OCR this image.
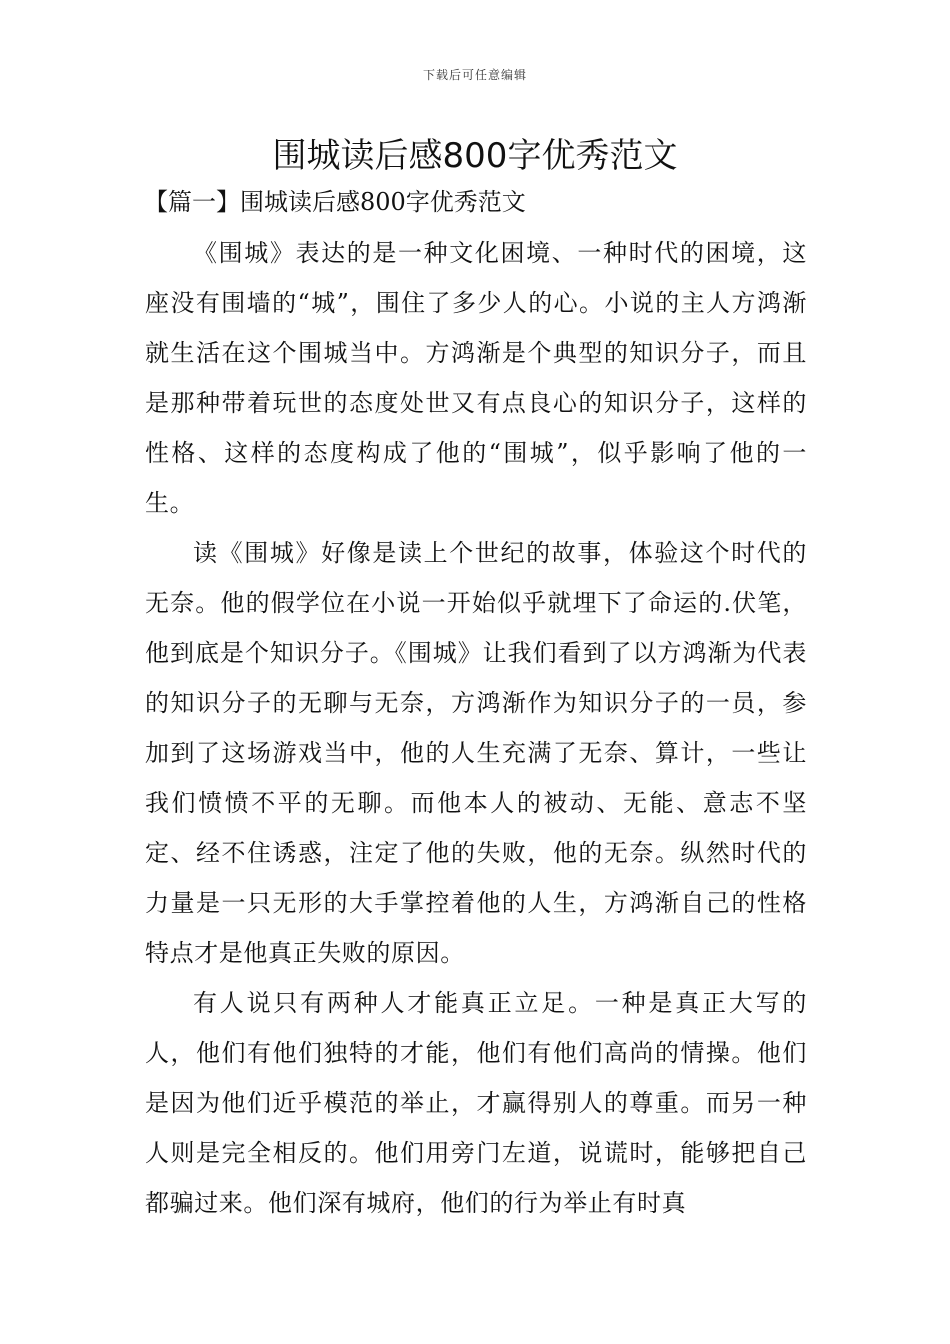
下载后可任意编辑
围城读后感800字优秀范文
【篇一】围城读后感800字优秀范文

《围城》表达的是一种文化困境、一种时代的困境，这座没有围墙的“城”，围住了多少人的心。小说的主人方鸿渐就生活在这个围城当中。方鸿渐是个典型的知识分子，而且是那种带着玩世的态度处世又有点良心的知识分子，这样的性格、这样的态度构成了他的“围城”，似乎影响了他的一生。

读《围城》好像是读上个世纪的故事，体验这个时代的无奈。他的假学位在小说一开始似乎就埋下了命运的.伏笔，他到底是个知识分子。《围城》让我们看到了以方鸿渐为代表的知识分子的无聊与无奈，方鸿渐作为知识分子的一员，参加到了这场游戏当中，他的人生充满了无奈、算计，一些让我们愤愤不平的无聊。而他本人的被动、无能、意志不坚定、经不住诱惑，注定了他的失败，他的无奈。纵然时代的力量是一只无形的大手掌控着他的人生，方鸿渐自己的性格特点才是他真正失败的原因。

有人说只有两种人才能真正立足。一种是真正大写的人，他们有他们独特的才能，他们有他们高尚的情操。他们是因为他们近乎模范的举止，才赢得别人的尊重。而另一种人则是完全相反的。他们用旁门左道，说谎时，能够把自己都骗过来。他们深有城府，他们的行为举止有时真
